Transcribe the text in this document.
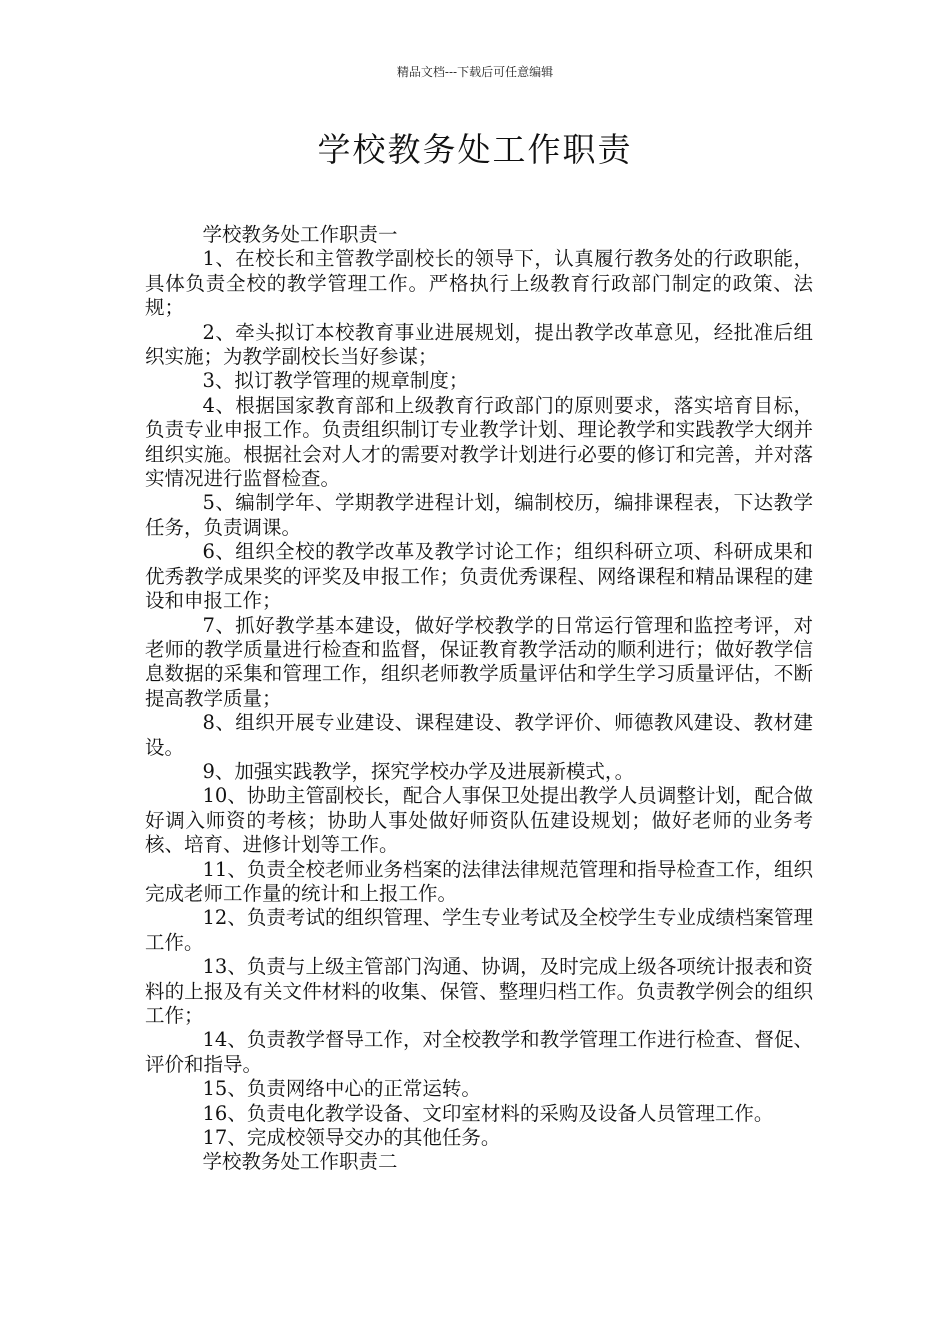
精品文档---下载后可任意编辑
学校教务处工作职责

学校教务处工作职责一

1、在校长和主管教学副校长的领导下，认真履行教务处的行政职能，具体负责全校的教学管理工作。严格执行上级教育行政部门制定的政策、法规；

2、牵头拟订本校教育事业进展规划，提出教学改革意见，经批准后组织实施；为教学副校长当好参谋；

3、拟订教学管理的规章制度；

4、根据国家教育部和上级教育行政部门的原则要求，落实培育目标，负责专业申报工作。负责组织制订专业教学计划、理论教学和实践教学大纲并组织实施。根据社会对人才的需要对教学计划进行必要的修订和完善，并对落实情况进行监督检查。

5、编制学年、学期教学进程计划，编制校历，编排课程表，下达教学任务，负责调课。

6、组织全校的教学改革及教学讨论工作；组织科研立项、科研成果和优秀教学成果奖的评奖及申报工作；负责优秀课程、网络课程和精品课程的建设和申报工作；

7、抓好教学基本建设，做好学校教学的日常运行管理和监控考评，对老师的教学质量进行检查和监督，保证教育教学活动的顺利进行；做好教学信息数据的采集和管理工作，组织老师教学质量评估和学生学习质量评估，不断提高教学质量；

8、组织开展专业建设、课程建设、教学评价、师德教风建设、教材建设。

9、加强实践教学，探究学校办学及进展新模式，。

10、协助主管副校长，配合人事保卫处提出教学人员调整计划，配合做好调入师资的考核；协助人事处做好师资队伍建设规划；做好老师的业务考核、培育、进修计划等工作。

11、负责全校老师业务档案的法律法律规范管理和指导检查工作，组织完成老师工作量的统计和上报工作。

12、负责考试的组织管理、学生专业考试及全校学生专业成绩档案管理工作。

13、负责与上级主管部门沟通、协调，及时完成上级各项统计报表和资料的上报及有关文件材料的收集、保管、整理归档工作。负责教学例会的组织工作；

14、负责教学督导工作，对全校教学和教学管理工作进行检查、督促、评价和指导。

15、负责网络中心的正常运转。

16、负责电化教学设备、文印室材料的采购及设备人员管理工作。

17、完成校领导交办的其他任务。

学校教务处工作职责二
